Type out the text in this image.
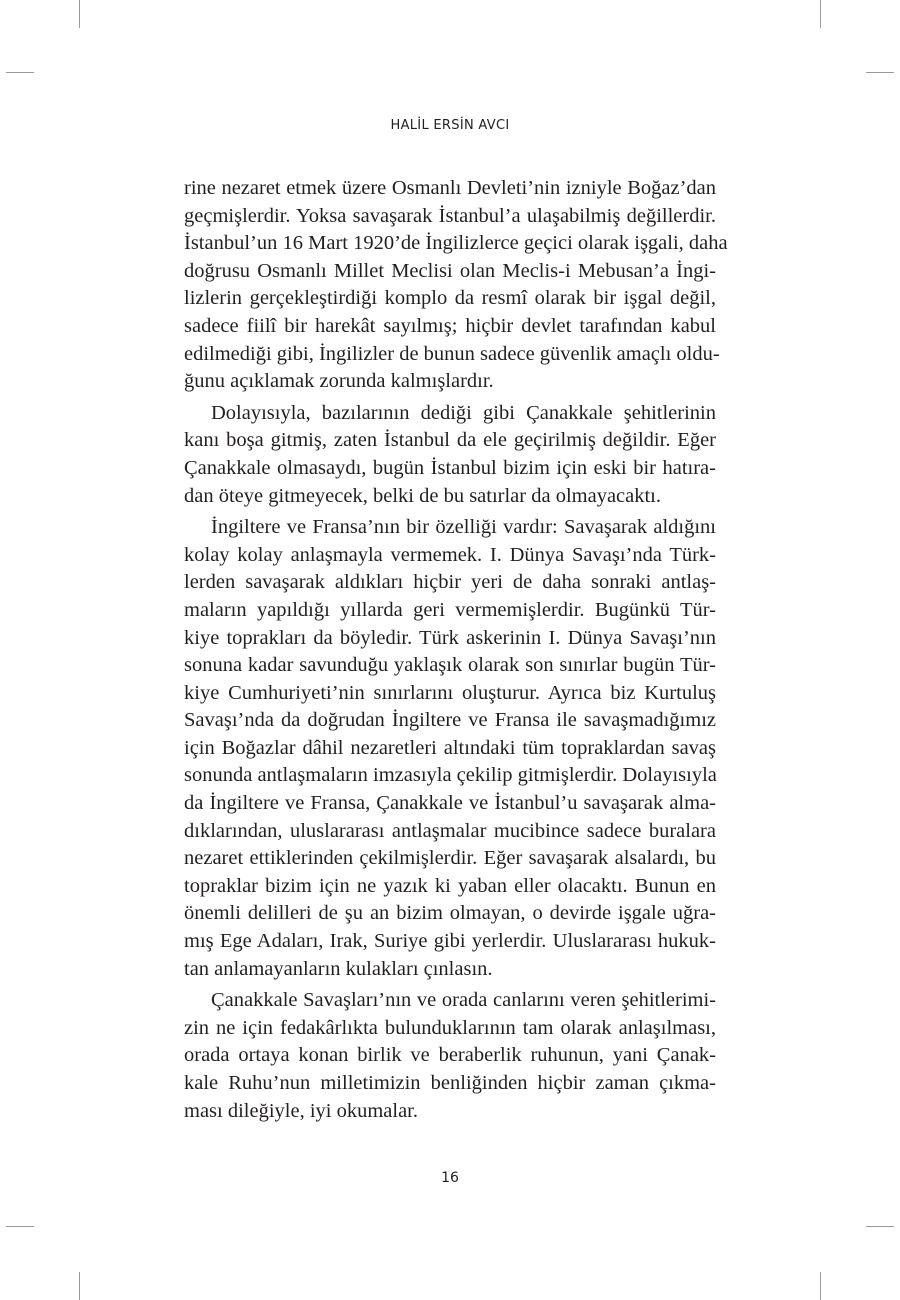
HALİL ERSİN AVCI
rine nezaret etmek üzere Osmanlı Devleti’nin izniyle Boğaz’dan
geçmişlerdir. Yoksa savaşarak İstanbul’a ulaşabilmiş değillerdir.
İstanbul’un 16 Mart 1920’de İngilizlerce geçici olarak işgali, daha
doğrusu Osmanlı Millet Meclisi olan Meclis-i Mebusan’a İngi-
lizlerin gerçekleştirdiği komplo da resmî olarak bir işgal değil,
sadece fiilî bir harekât sayılmış; hiçbir devlet tarafından kabul
edilmediği gibi, İngilizler de bunun sadece güvenlik amaçlı oldu-
ğunu açıklamak zorunda kalmışlardır.
Dolayısıyla, bazılarının dediği gibi Çanakkale şehitlerinin
kanı boşa gitmiş, zaten İstanbul da ele geçirilmiş değildir. Eğer
Çanakkale olmasaydı, bugün İstanbul bizim için eski bir hatıra-
dan öteye gitmeyecek, belki de bu satırlar da olmayacaktı.
İngiltere ve Fransa’nın bir özelliği vardır: Savaşarak aldığını
kolay kolay anlaşmayla vermemek. I. Dünya Savaşı’nda Türk-
lerden savaşarak aldıkları hiçbir yeri de daha sonraki antlaş-
maların yapıldığı yıllarda geri vermemişlerdir. Bugünkü Tür-
kiye toprakları da böyledir. Türk askerinin I. Dünya Savaşı’nın
sonuna kadar savunduğu yaklaşık olarak son sınırlar bugün Tür-
kiye Cumhuriyeti’nin sınırlarını oluşturur. Ayrıca biz Kurtuluş
Savaşı’nda da doğrudan İngiltere ve Fransa ile savaşmadığımız
için Boğazlar dâhil nezaretleri altındaki tüm topraklardan savaş
sonunda antlaşmaların imzasıyla çekilip gitmişlerdir. Dolayısıyla
da İngiltere ve Fransa, Çanakkale ve İstanbul’u savaşarak alma-
dıklarından, uluslararası antlaşmalar mucibince sadece buralara
nezaret ettiklerinden çekilmişlerdir. Eğer savaşarak alsalardı, bu
topraklar bizim için ne yazık ki yaban eller olacaktı. Bunun en
önemli delilleri de şu an bizim olmayan, o devirde işgale uğra-
mış Ege Adaları, Irak, Suriye gibi yerlerdir. Uluslararası hukuk-
tan anlamayanların kulakları çınlasın.
Çanakkale Savaşları’nın ve orada canlarını veren şehitlerimi-
zin ne için fedakârlıkta bulunduklarının tam olarak anlaşılması,
orada ortaya konan birlik ve beraberlik ruhunun, yani Çanak-
kale Ruhu’nun milletimizin benliğinden hiçbir zaman çıkma-
ması dileğiyle, iyi okumalar.
16
